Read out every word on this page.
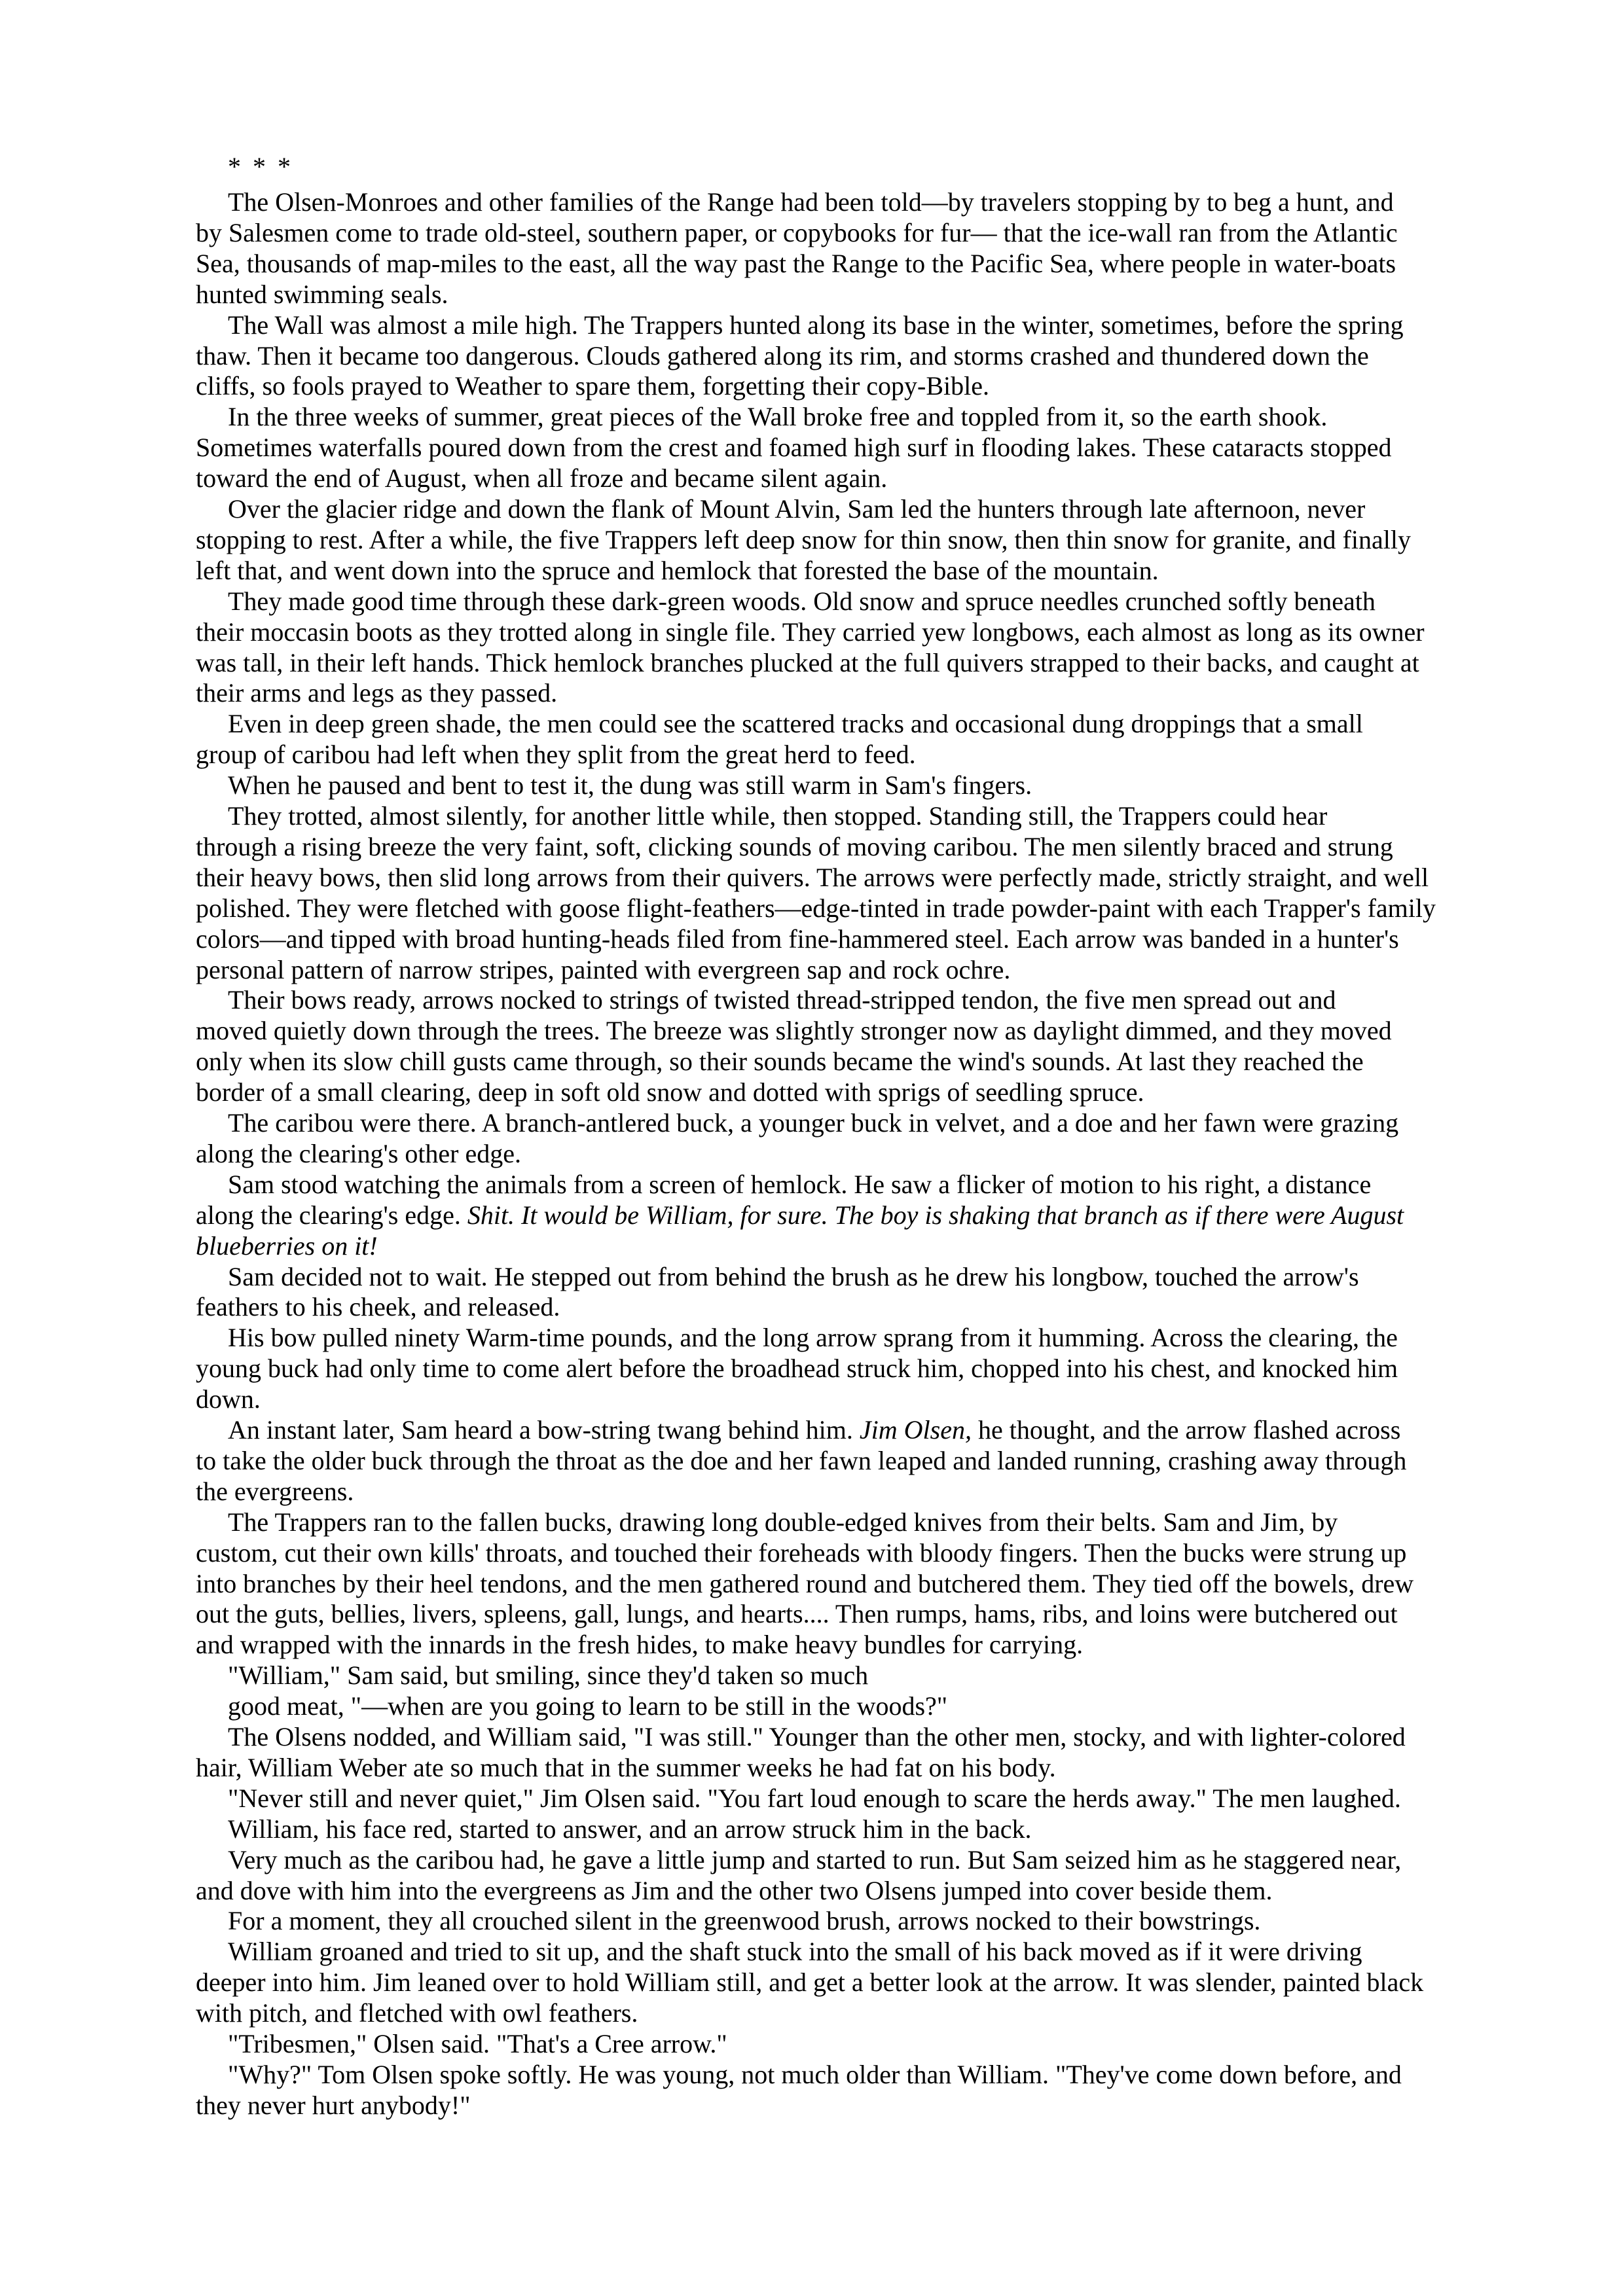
* * *
The Olsen-Monroes and other families of the Range had been told—by travelers stopping by to beg a hunt, and
by Salesmen come to trade old-steel, southern paper, or copybooks for fur— that the ice-wall ran from the Atlantic
Sea, thousands of map-miles to the east, all the way past the Range to the Pacific Sea, where people in water-boats
hunted swimming seals.
The Wall was almost a mile high. The Trappers hunted along its base in the winter, sometimes, before the spring
thaw. Then it became too dangerous. Clouds gathered along its rim, and storms crashed and thundered down the
cliffs, so fools prayed to Weather to spare them, forgetting their copy-Bible.
In the three weeks of summer, great pieces of the Wall broke free and toppled from it, so the earth shook.
Sometimes waterfalls poured down from the crest and foamed high surf in flooding lakes. These cataracts stopped
toward the end of August, when all froze and became silent again.
Over the glacier ridge and down the flank of Mount Alvin, Sam led the hunters through late afternoon, never
stopping to rest. After a while, the five Trappers left deep snow for thin snow, then thin snow for granite, and finally
left that, and went down into the spruce and hemlock that forested the base of the mountain.
They made good time through these dark-green woods. Old snow and spruce needles crunched softly beneath
their moccasin boots as they trotted along in single file. They carried yew longbows, each almost as long as its owner
was tall, in their left hands. Thick hemlock branches plucked at the full quivers strapped to their backs, and caught at
their arms and legs as they passed.
Even in deep green shade, the men could see the scattered tracks and occasional dung droppings that a small
group of caribou had left when they split from the great herd to feed.
When he paused and bent to test it, the dung was still warm in Sam's fingers.
They trotted, almost silently, for another little while, then stopped. Standing still, the Trappers could hear
through a rising breeze the very faint, soft, clicking sounds of moving caribou. The men silently braced and strung
their heavy bows, then slid long arrows from their quivers. The arrows were perfectly made, strictly straight, and well
polished. They were fletched with goose flight-feathers—edge-tinted in trade powder-paint with each Trapper's family
colors—and tipped with broad hunting-heads filed from fine-hammered steel. Each arrow was banded in a hunter's
personal pattern of narrow stripes, painted with evergreen sap and rock ochre.
Their bows ready, arrows nocked to strings of twisted thread-stripped tendon, the five men spread out and
moved quietly down through the trees. The breeze was slightly stronger now as daylight dimmed, and they moved
only when its slow chill gusts came through, so their sounds became the wind's sounds. At last they reached the
border of a small clearing, deep in soft old snow and dotted with sprigs of seedling spruce.
The caribou were there. A branch-antlered buck, a younger buck in velvet, and a doe and her fawn were grazing
along the clearing's other edge.
Sam stood watching the animals from a screen of hemlock. He saw a flicker of motion to his right, a distance
along the clearing's edge. Shit. It would be William, for sure. The boy is shaking that branch as if there were August
blueberries on it!
Sam decided not to wait. He stepped out from behind the brush as he drew his longbow, touched the arrow's
feathers to his cheek, and released.
His bow pulled ninety Warm-time pounds, and the long arrow sprang from it humming. Across the clearing, the
young buck had only time to come alert before the broadhead struck him, chopped into his chest, and knocked him
down.
An instant later, Sam heard a bow-string twang behind him. Jim Olsen, he thought, and the arrow flashed across
to take the older buck through the throat as the doe and her fawn leaped and landed running, crashing away through
the evergreens.
The Trappers ran to the fallen bucks, drawing long double-edged knives from their belts. Sam and Jim, by
custom, cut their own kills' throats, and touched their foreheads with bloody fingers. Then the bucks were strung up
into branches by their heel tendons, and the men gathered round and butchered them. They tied off the bowels, drew
out the guts, bellies, livers, spleens, gall, lungs, and hearts.... Then rumps, hams, ribs, and loins were butchered out
and wrapped with the innards in the fresh hides, to make heavy bundles for carrying.
"William," Sam said, but smiling, since they'd taken so much
good meat, "—when are you going to learn to be still in the woods?"
The Olsens nodded, and William said, "I was still." Younger than the other men, stocky, and with lighter-colored
hair, William Weber ate so much that in the summer weeks he had fat on his body.
"Never still and never quiet," Jim Olsen said. "You fart loud enough to scare the herds away." The men laughed.
William, his face red, started to answer, and an arrow struck him in the back.
Very much as the caribou had, he gave a little jump and started to run. But Sam seized him as he staggered near,
and dove with him into the evergreens as Jim and the other two Olsens jumped into cover beside them.
For a moment, they all crouched silent in the greenwood brush, arrows nocked to their bowstrings.
William groaned and tried to sit up, and the shaft stuck into the small of his back moved as if it were driving
deeper into him. Jim leaned over to hold William still, and get a better look at the arrow. It was slender, painted black
with pitch, and fletched with owl feathers.
"Tribesmen," Olsen said. "That's a Cree arrow."
"Why?" Tom Olsen spoke softly. He was young, not much older than William. "They've come down before, and
they never hurt anybody!"
